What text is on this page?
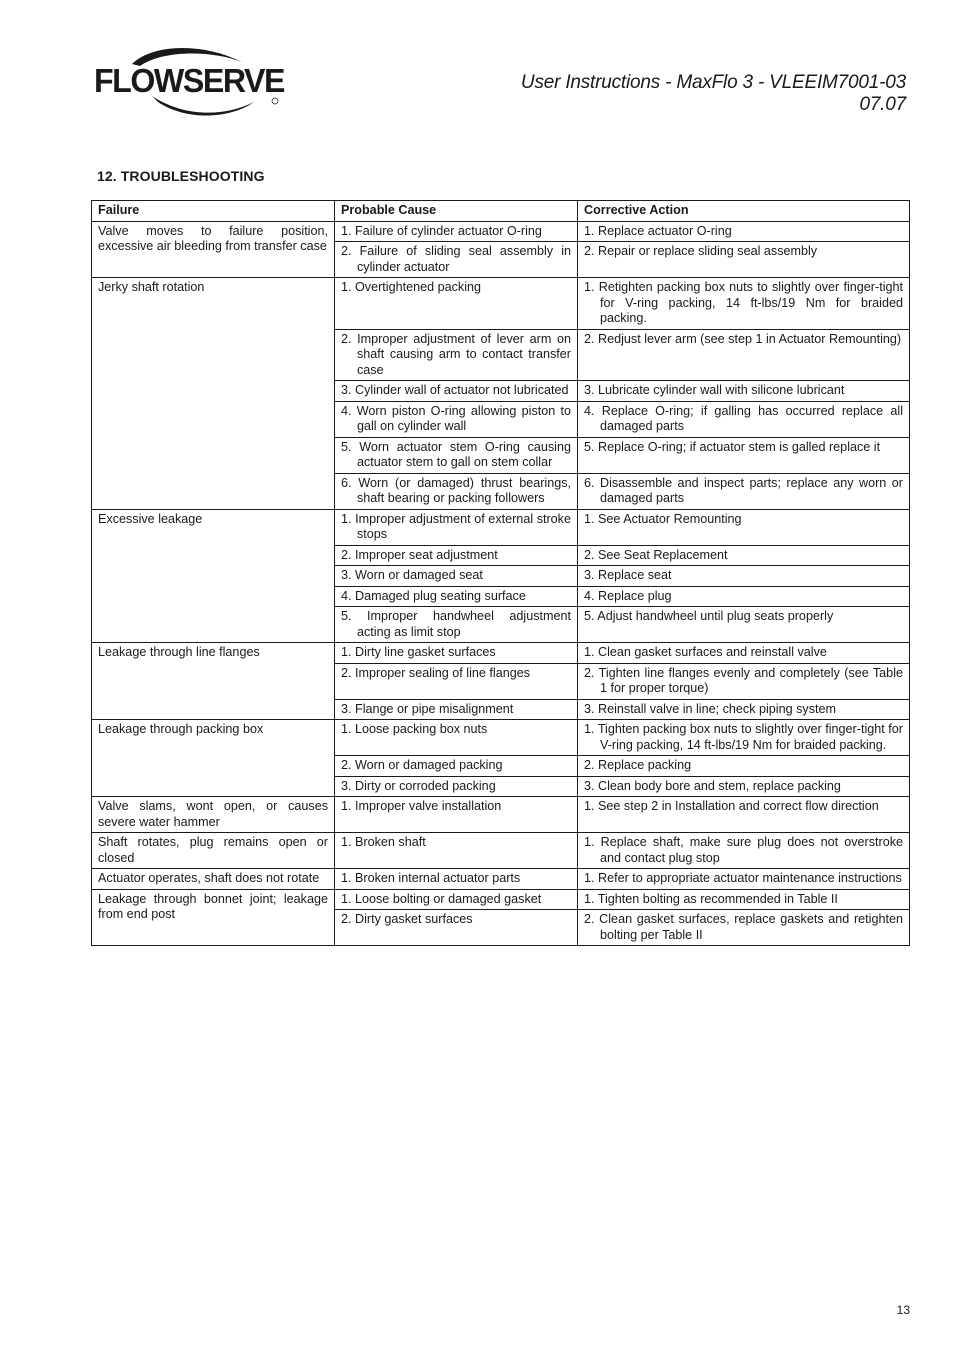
FLOWSERVE	User Instructions - MaxFlo 3 - VLEEIM7001-03 07.07
12. TROUBLESHOOTING
Failure	Probable Cause	Corrective Action

Valve moves to failure position, excessive air bleeding from transfer case	1. Failure of cylinder actuator O-ring	1. Replace actuator O-ring

	2. Failure of sliding seal assembly in cylinder actuator	2. Repair or replace sliding seal assembly

Jerky shaft rotation	1. Overtightened packing	1. Retighten packing box nuts to slightly over finger-tight for V-ring packing, 14 ft-lbs/19 Nm for braided packing.

	2. Improper adjustment of lever arm on shaft causing arm to contact transfer case	2. Redjust lever arm (see step 1 in Actuator Remounting)

	3. Cylinder wall of actuator not lubricated	3. Lubricate cylinder wall with silicone lubricant

	4. Worn piston O-ring allowing piston to gall on cylinder wall	4. Replace O-ring; if galling has occurred replace all damaged parts

	5. Worn actuator stem O-ring causing actuator stem to gall on stem collar	5. Replace O-ring; if actuator stem is galled replace it

	6. Worn (or damaged) thrust bearings, shaft bearing or packing followers	6. Disassemble and inspect parts; replace any worn or damaged parts

Excessive leakage	1. Improper adjustment of external stroke stops	1. See Actuator Remounting

	2. Improper seat adjustment	2. See Seat Replacement

	3. Worn or damaged seat	3. Replace seat

	4. Damaged plug seating surface	4. Replace plug

	5. Improper handwheel adjustment acting as limit stop	5. Adjust handwheel until plug seats properly

Leakage through line flanges	1. Dirty line gasket surfaces	1. Clean gasket surfaces and reinstall valve

	2. Improper sealing of line flanges	2. Tighten line flanges evenly and completely (see Table 1 for proper torque)

	3. Flange or pipe misalignment	3. Reinstall valve in line; check piping system

Leakage through packing box	1. Loose packing box nuts	1. Tighten packing box nuts to slightly over finger-tight for V-ring packing, 14 ft-lbs/19 Nm for braided packing.

	2. Worn or damaged packing	2. Replace packing

	3. Dirty or corroded packing	3. Clean body bore and stem, replace packing

Valve slams, wont open, or causes severe water hammer	1. Improper valve installation	1. See step 2 in Installation and correct flow direction

Shaft rotates, plug remains open or closed	1. Broken shaft	1. Replace shaft, make sure plug does not overstroke and contact plug stop

Actuator operates, shaft does not rotate	1. Broken internal actuator parts	1. Refer to appropriate actuator maintenance instructions

Leakage through bonnet joint; leakage from end post	1. Loose bolting or damaged gasket	1. Tighten bolting as recommended in Table II

	2. Dirty gasket surfaces	2. Clean gasket surfaces, replace gaskets and retighten bolting per Table II
13
